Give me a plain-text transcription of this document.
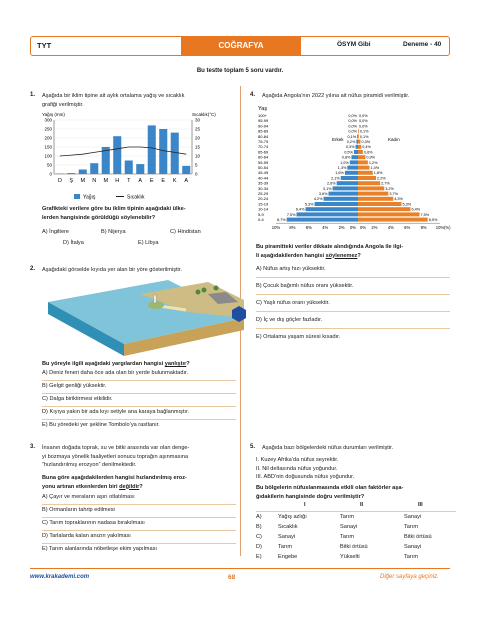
TYT	COĞRAFYA	ÖSYM Gibi	Deneme - 40
Bu testte toplam 5 soru vardır.
1. Aşağıda bir iklim tipine ait aylık ortalama yağış ve sıcaklık
grafiği verilmiştir.
Yağış (mm)	Sıcaklık(°C)
300	30
250	25
200	20
150	15
100	10
50	5
0	0
O Ş M N M H T A E E K A
Yağış	Sıcaklık
Grafikteki verilere göre bu iklim tipinin aşağıdaki ülke-
lerden hangisinde görüldüğü söylenebilir?
A) İngiltere	B) Nijerya	C) Hindistan
D) İtalya	E) Libya
2. Aşağıdaki görselde kıyıda yer alan bir yöre gösterilmiştir.
Bu yöreyle ilgili aşağıdaki yargılardan hangisi yanlıştır?
A) Deniz feneri daha öce ada olan bir yerde bulunmaktadır.
B) Gelgit genliği yüksektir.
C) Dalga biriktirmesi etkilidir.
D) Kıyıya yakın bir ada kıyı setiyle ana karaya bağlanmıştır.
E) Bu yöredeki yer şekline Tombolo’ya rastlanır.
3. İnsanın doğada toprak, su ve bitki arasında var olan denge-
yi bozmaya yönelik faaliyetleri sonucu toprağın aşınmasına
“hızlandırılmış erozyon” denilmektedir.
Buna göre aşağıdakilerden hangisi hızlandırılmış eroz-
yonu artıran etkenlerden biri değildir?
A) Çayır ve meraların aşırı otlatılması
B) Ormanların tahrip edilmesi
C) Tarım topraklarının nadasa bırakılması
D) Tarlalarda kalan anızın yakılması
E) Tarım alanlarında nöbetleşe ekim yapılması
4. Aşağıda Angola’nın 2022 yılına ait nüfus piramidi verilmiştir.
Yaş
Erkek	Kadın
100+	0,0% 0,0%
95-99	0,0% 0,0%
90-94	0,0% 0,0%
85-89	0,0% 0,1%
80-84	0,1% 0,1%
75-79	0,2% 0,3%
70-74	0,3% 0,4%
65-69	0,5%	0,6%
60-64	0,8%	0,9%
55-59	1,0%	1,2%
50-54	1,3%	1,4%
45-49	1,6%	1,8%
40-44	2,1%	2,2%
35-39	2,6%	2,7%
30-34	3,1%	3,2%
25-29	3,6%	3,7%
20-24	4,2%	4,3%
15-19	5,3%	5,3%
10-14	6,4%	6,4%
5-9	7,5%	7,5%
0-4	8,7%	8,5%
10% 8% 6% 4% 2% 0% 0% 2% 4% 6% 8% 10% (%)
Bu piramitteki veriler dikkate alındığında Angola ile ilgi-
li aşağıdakilerden hangisi söylenemez?
A) Nüfus artış hızı yüksektir.
B) Çocuk bağımlı nüfus oranı yüksektir.
C) Yaşlı nüfus oranı yüksektir.
D) İç ve dış göçler fazladır.
E) Ortalama yaşam süresi kısadır.
5. Aşağıda bazı bölgelerdeki nüfus durumları verilmiştir.
I. Kuzey Afrika’da nüfus seyrektir.
II. Nil deltasında nüfus yoğundur.
III. ABD’nin doğusunda nüfus yoğundur.
Bu bölgelerin nüfuslanmasında etkili olan faktörler aşa-
ğıdakilerin hangisinde doğru verilmiştir?
I	II	III
A)	Yağış azlığı	Tarım	Sanayi
B)	Sıcaklık	Sanayi	Tarım
C)	Sanayi	Tarım	Bitki örtüsü
D)	Tarım	Bitki örtüsü	Sanayi
E)	Engebe	Yükselti	Tarım
www.krakademi.com	68	Diğer sayfaya geçiniz.
